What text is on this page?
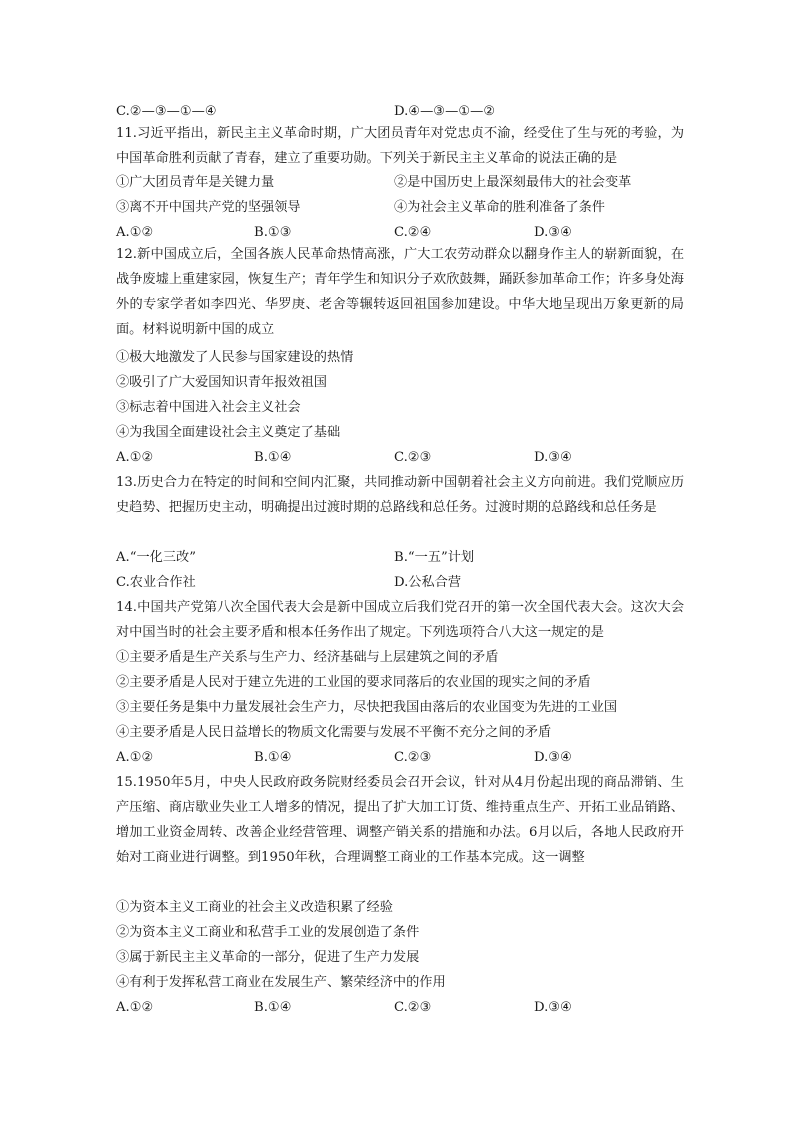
C.②—③—①—④	D.④—③—①—②
11.习近平指出，新民主主义革命时期，广大团员青年对党忠贞不渝，经受住了生与死的考验，为中国革命胜利贡献了青春，建立了重要功勋。下列关于新民主主义革命的说法正确的是
①广大团员青年是关键力量	②是中国历史上最深刻最伟大的社会变革
③离不开中国共产党的坚强领导	④为社会主义革命的胜利准备了条件
A.①②	B.①③	C.②④	D.③④
12.新中国成立后，全国各族人民革命热情高涨，广大工农劳动群众以翻身作主人的崭新面貌，在战争废墟上重建家园，恢复生产；青年学生和知识分子欢欣鼓舞，踊跃参加革命工作；许多身处海外的专家学者如李四光、华罗庚、老舍等辗转返回祖国参加建设。中华大地呈现出万象更新的局面。材料说明新中国的成立
①极大地激发了人民参与国家建设的热情
②吸引了广大爱国知识青年报效祖国
③标志着中国进入社会主义社会
④为我国全面建设社会主义奠定了基础
A.①②	B.①④	C.②③	D.③④
13.历史合力在特定的时间和空间内汇聚，共同推动新中国朝着社会主义方向前进。我们党顺应历史趋势、把握历史主动，明确提出过渡时期的总路线和总任务。过渡时期的总路线和总任务是
A.“一化三改”	B.“一五”计划
C.农业合作社	D.公私合营
14.中国共产党第八次全国代表大会是新中国成立后我们党召开的第一次全国代表大会。这次大会对中国当时的社会主要矛盾和根本任务作出了规定。下列选项符合八大这一规定的是
①主要矛盾是生产关系与生产力、经济基础与上层建筑之间的矛盾
②主要矛盾是人民对于建立先进的工业国的要求同落后的农业国的现实之间的矛盾
③主要任务是集中力量发展社会生产力，尽快把我国由落后的农业国变为先进的工业国
④主要矛盾是人民日益增长的物质文化需要与发展不平衡不充分之间的矛盾
A.①②	B.①④	C.②③	D.③④
15.1950年5月，中央人民政府政务院财经委员会召开会议，针对从4月份起出现的商品滞销、生产压缩、商店歇业失业工人增多的情况，提出了扩大加工订货、维持重点生产、开拓工业品销路、增加工业资金周转、改善企业经营管理、调整产销关系的措施和办法。6月以后，各地人民政府开始对工商业进行调整。到1950年秋，合理调整工商业的工作基本完成。这一调整
①为资本主义工商业的社会主义改造积累了经验
②为资本主义工商业和私营手工业的发展创造了条件
③属于新民主主义革命的一部分，促进了生产力发展
④有利于发挥私营工商业在发展生产、繁荣经济中的作用
A.①②	B.①④	C.②③	D.③④
